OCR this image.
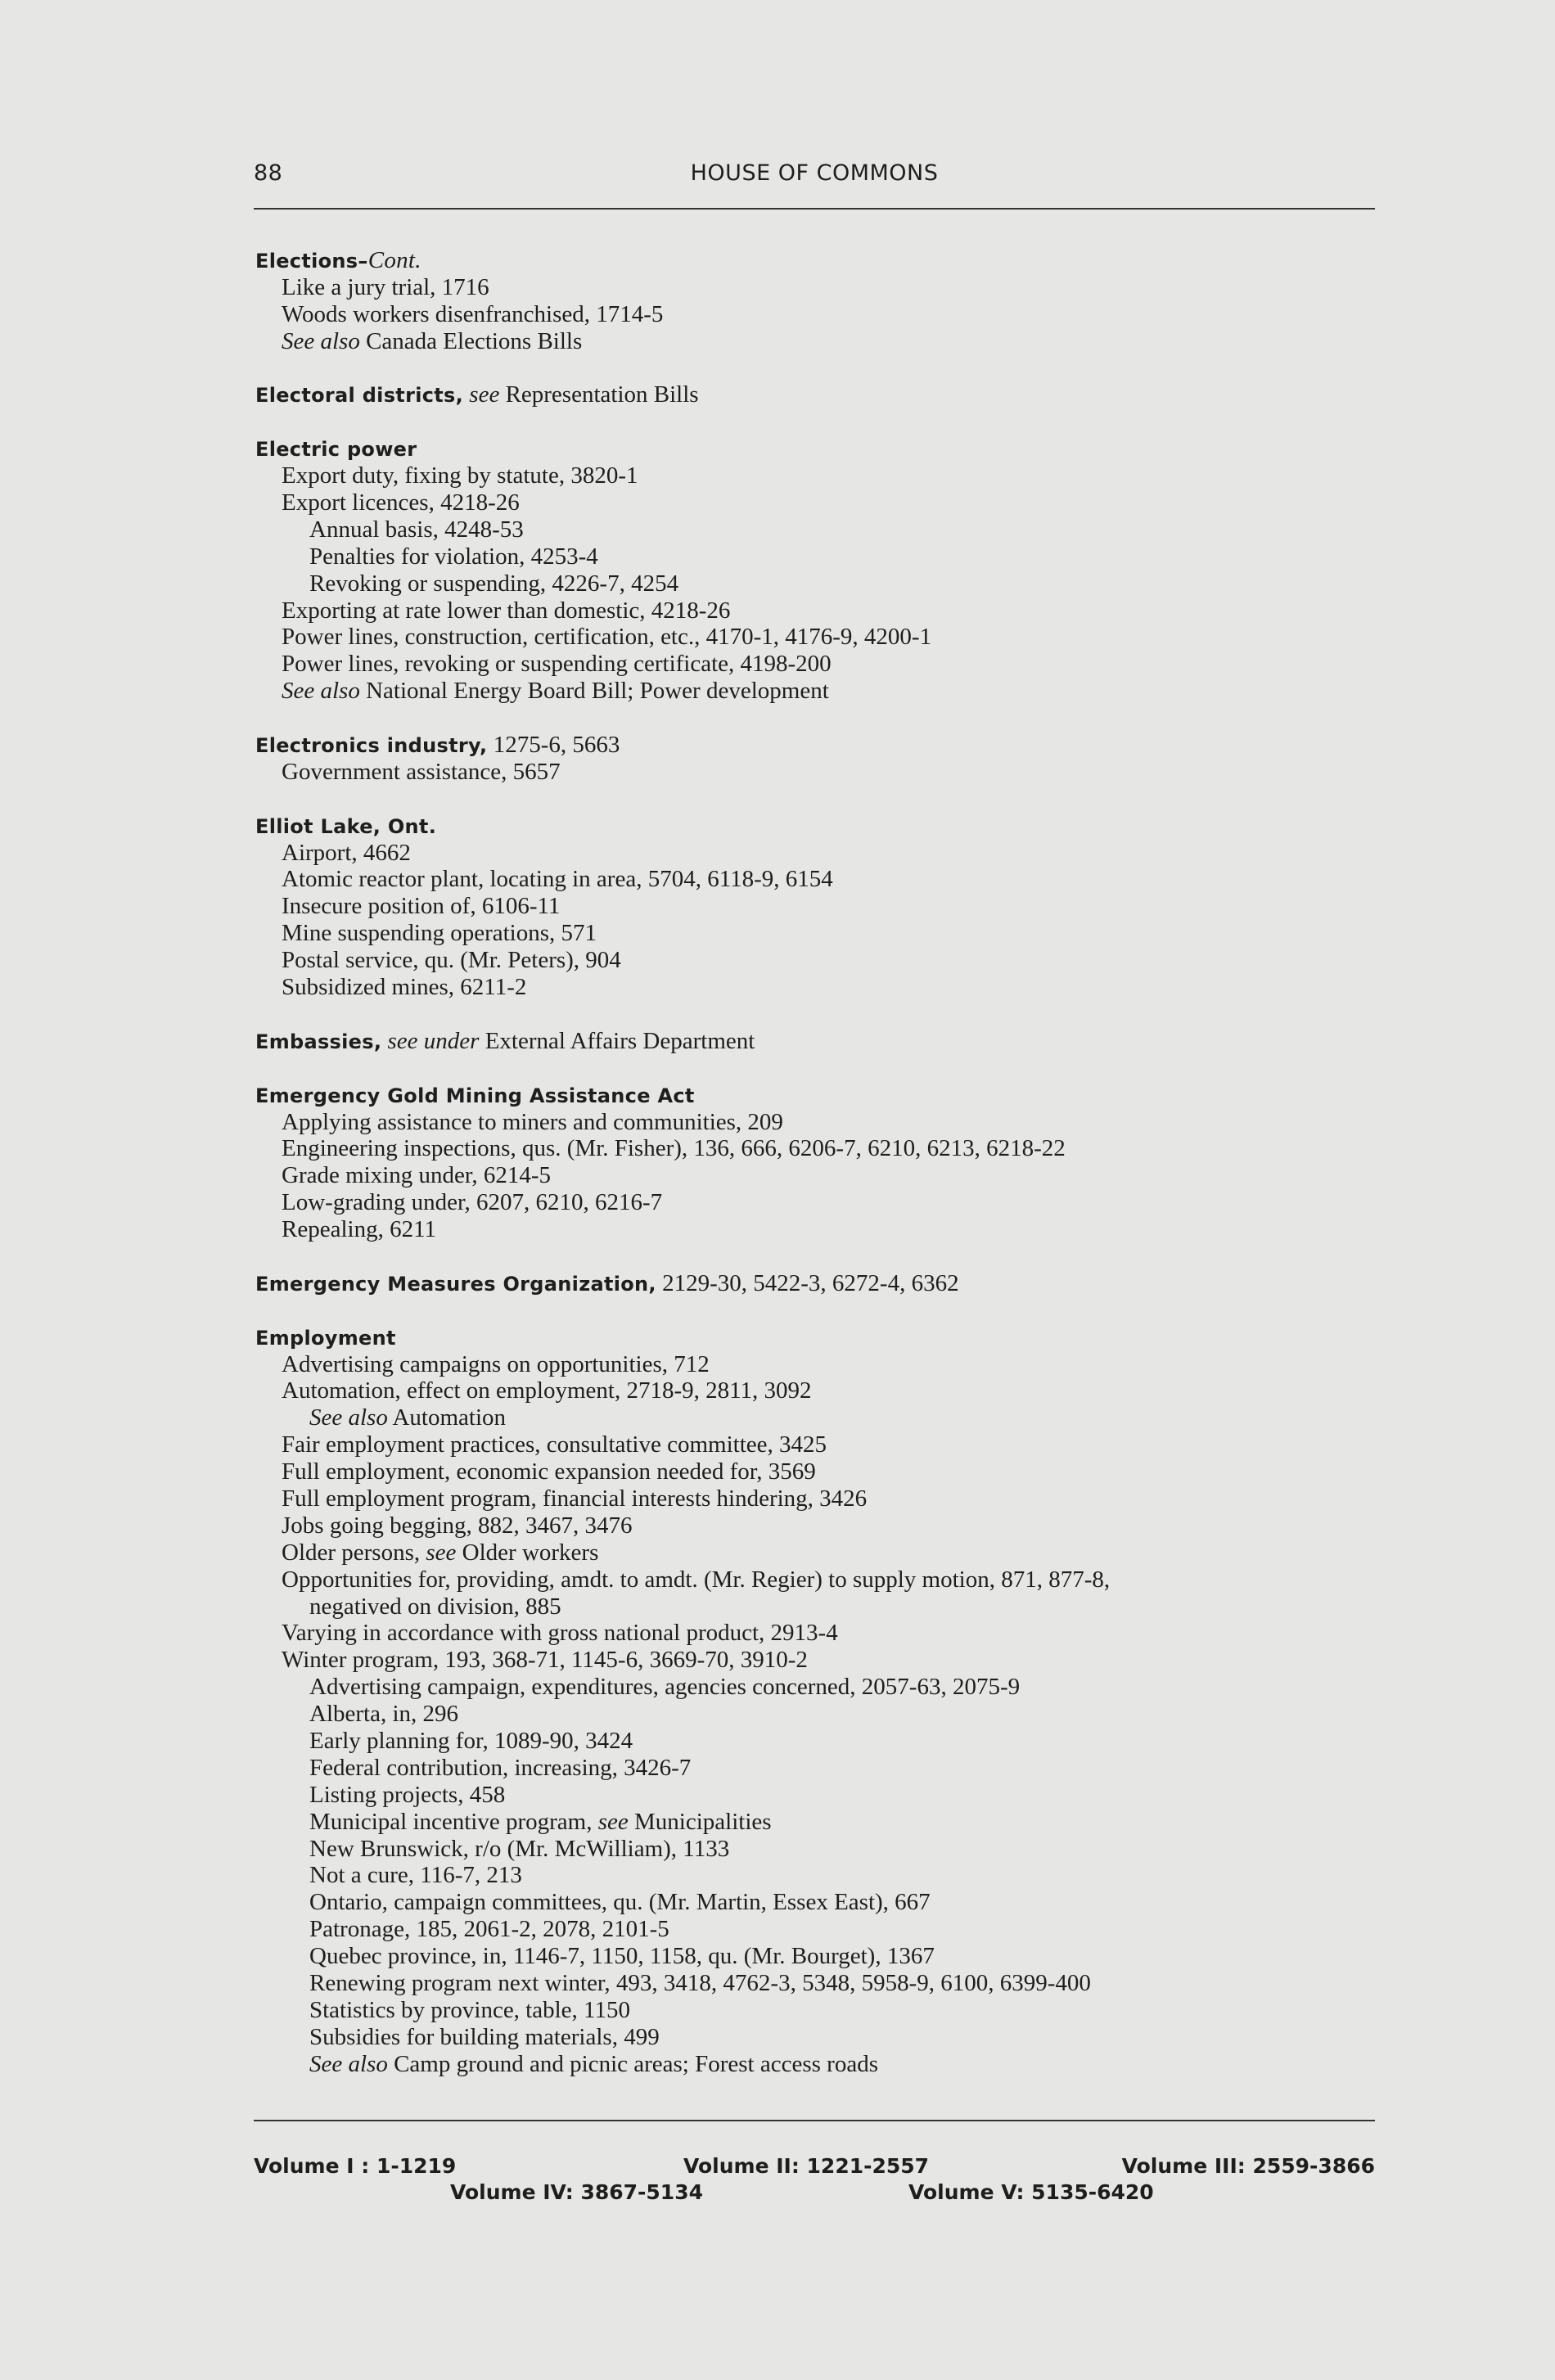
88	HOUSE OF COMMONS
Elections–Cont.
Like a jury trial, 1716
Woods workers disenfranchised, 1714-5
See also Canada Elections Bills
Electoral districts, see Representation Bills
Electric power
Export duty, fixing by statute, 3820-1
Export licences, 4218-26
Annual basis, 4248-53
Penalties for violation, 4253-4
Revoking or suspending, 4226-7, 4254
Exporting at rate lower than domestic, 4218-26
Power lines, construction, certification, etc., 4170-1, 4176-9, 4200-1
Power lines, revoking or suspending certificate, 4198-200
See also National Energy Board Bill; Power development
Electronics industry, 1275-6, 5663
Government assistance, 5657
Elliot Lake, Ont.
Airport, 4662
Atomic reactor plant, locating in area, 5704, 6118-9, 6154
Insecure position of, 6106-11
Mine suspending operations, 571
Postal service, qu. (Mr. Peters), 904
Subsidized mines, 6211-2
Embassies, see under External Affairs Department
Emergency Gold Mining Assistance Act
Applying assistance to miners and communities, 209
Engineering inspections, qus. (Mr. Fisher), 136, 666, 6206-7, 6210, 6213, 6218-22
Grade mixing under, 6214-5
Low-grading under, 6207, 6210, 6216-7
Repealing, 6211
Emergency Measures Organization, 2129-30, 5422-3, 6272-4, 6362
Employment
Advertising campaigns on opportunities, 712
Automation, effect on employment, 2718-9, 2811, 3092
See also Automation
Fair employment practices, consultative committee, 3425
Full employment, economic expansion needed for, 3569
Full employment program, financial interests hindering, 3426
Jobs going begging, 882, 3467, 3476
Older persons, see Older workers
Opportunities for, providing, amdt. to amdt. (Mr. Regier) to supply motion, 871, 877-8,
negatived on division, 885
Varying in accordance with gross national product, 2913-4
Winter program, 193, 368-71, 1145-6, 3669-70, 3910-2
Advertising campaign, expenditures, agencies concerned, 2057-63, 2075-9
Alberta, in, 296
Early planning for, 1089-90, 3424
Federal contribution, increasing, 3426-7
Listing projects, 458
Municipal incentive program, see Municipalities
New Brunswick, r/o (Mr. McWilliam), 1133
Not a cure, 116-7, 213
Ontario, campaign committees, qu. (Mr. Martin, Essex East), 667
Patronage, 185, 2061-2, 2078, 2101-5
Quebec province, in, 1146-7, 1150, 1158, qu. (Mr. Bourget), 1367
Renewing program next winter, 493, 3418, 4762-3, 5348, 5958-9, 6100, 6399-400
Statistics by province, table, 1150
Subsidies for building materials, 499
See also Camp ground and picnic areas; Forest access roads
Volume I : 1-1219	Volume II: 1221-2557	Volume III: 2559-3866
Volume IV: 3867-5134	Volume V: 5135-6420
